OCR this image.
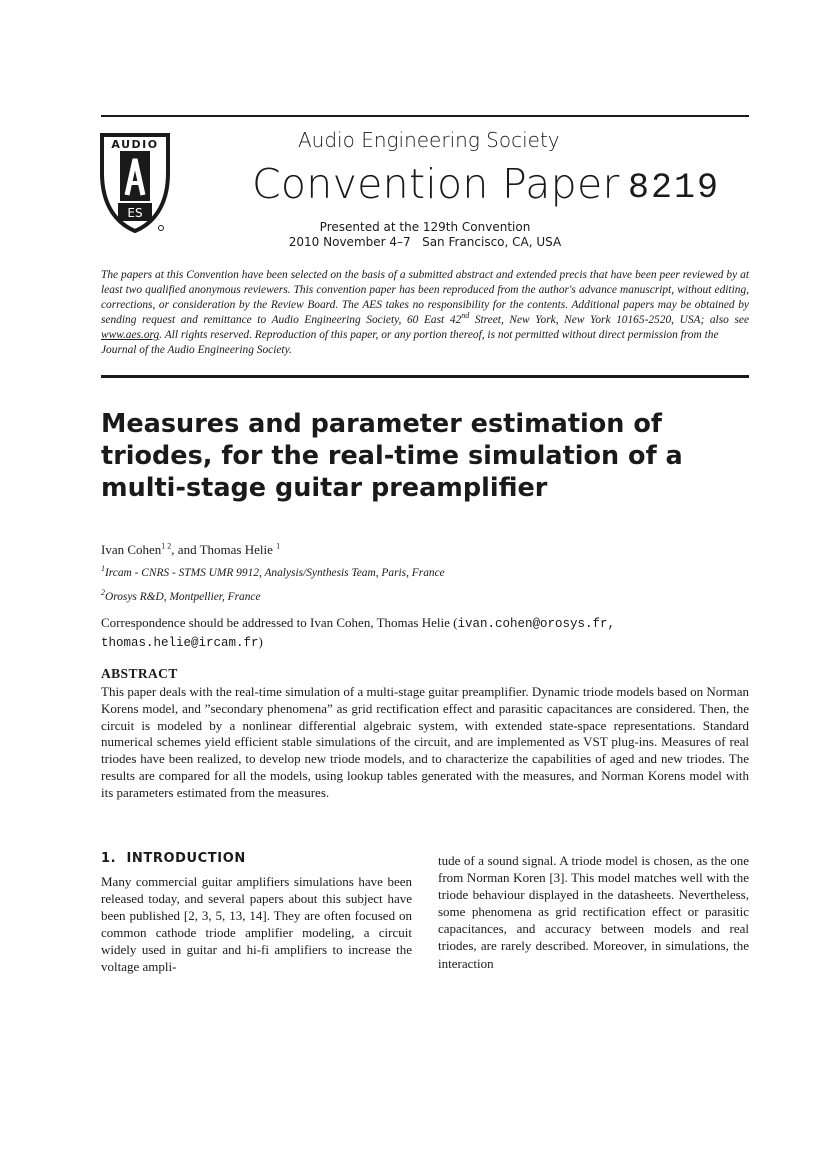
AUDIO
ES
Audio Engineering Society
Convention Paper 8219
Presented at the 129th Convention
2010 November 4–7   San Francisco, CA, USA
The papers at this Convention have been selected on the basis of a submitted abstract and extended precis that have been peer reviewed by at least two qualified anonymous reviewers. This convention paper has been reproduced from the author's advance manuscript, without editing, corrections, or consideration by the Review Board. The AES takes no responsibility for the contents. Additional papers may be obtained by sending request and remittance to Audio Engineering Society, 60 East 42nd Street, New York, New York 10165-2520, USA; also see www.aes.org. All rights reserved. Reproduction of this paper, or any portion thereof, is not permitted without direct permission from the
Journal of the Audio Engineering Society.
Measures and parameter estimation of triodes, for the real-time simulation of a multi-stage guitar preamplifier
Ivan Cohen$^{1 2}$, and Thomas Helie $^1$
$^1$Ircam - CNRS - STMS UMR 9912, Analysis/Synthesis Team, Paris, France
$^2$Orosys R&D, Montpellier, France
Correspondence should be addressed to Ivan Cohen, Thomas Helie (ivan.cohen@orosys.fr,
thomas.helie@ircam.fr)
ABSTRACT
This paper deals with the real-time simulation of a multi-stage guitar preamplifier. Dynamic triode models based on Norman Korens model, and ”secondary phenomena” as grid rectification effect and parasitic capacitances are considered. Then, the circuit is modeled by a nonlinear differential algebraic system, with extended state-space representations. Standard numerical schemes yield efficient stable simulations of the circuit, and are implemented as VST plug-ins. Measures of real triodes have been realized, to develop new triode models, and to characterize the capabilities of aged and new triodes. The results are compared for all the models, using lookup tables generated with the measures, and Norman Korens model with its parameters estimated from the measures.
1. INTRODUCTION
Many commercial guitar amplifiers simulations have been released today, and several papers about this subject have been published [2, 3, 5, 13, 14]. They are often focused on common cathode triode amplifier modeling, a circuit widely used in guitar and hi-fi amplifiers to increase the voltage ampli-
tude of a sound signal. A triode model is chosen, as the one from Norman Koren [3]. This model matches well with the triode behaviour displayed in the datasheets. Nevertheless, some phenomena as grid rectification effect or parasitic capacitances, and accuracy between models and real triodes, are rarely described. Moreover, in simulations, the interaction
